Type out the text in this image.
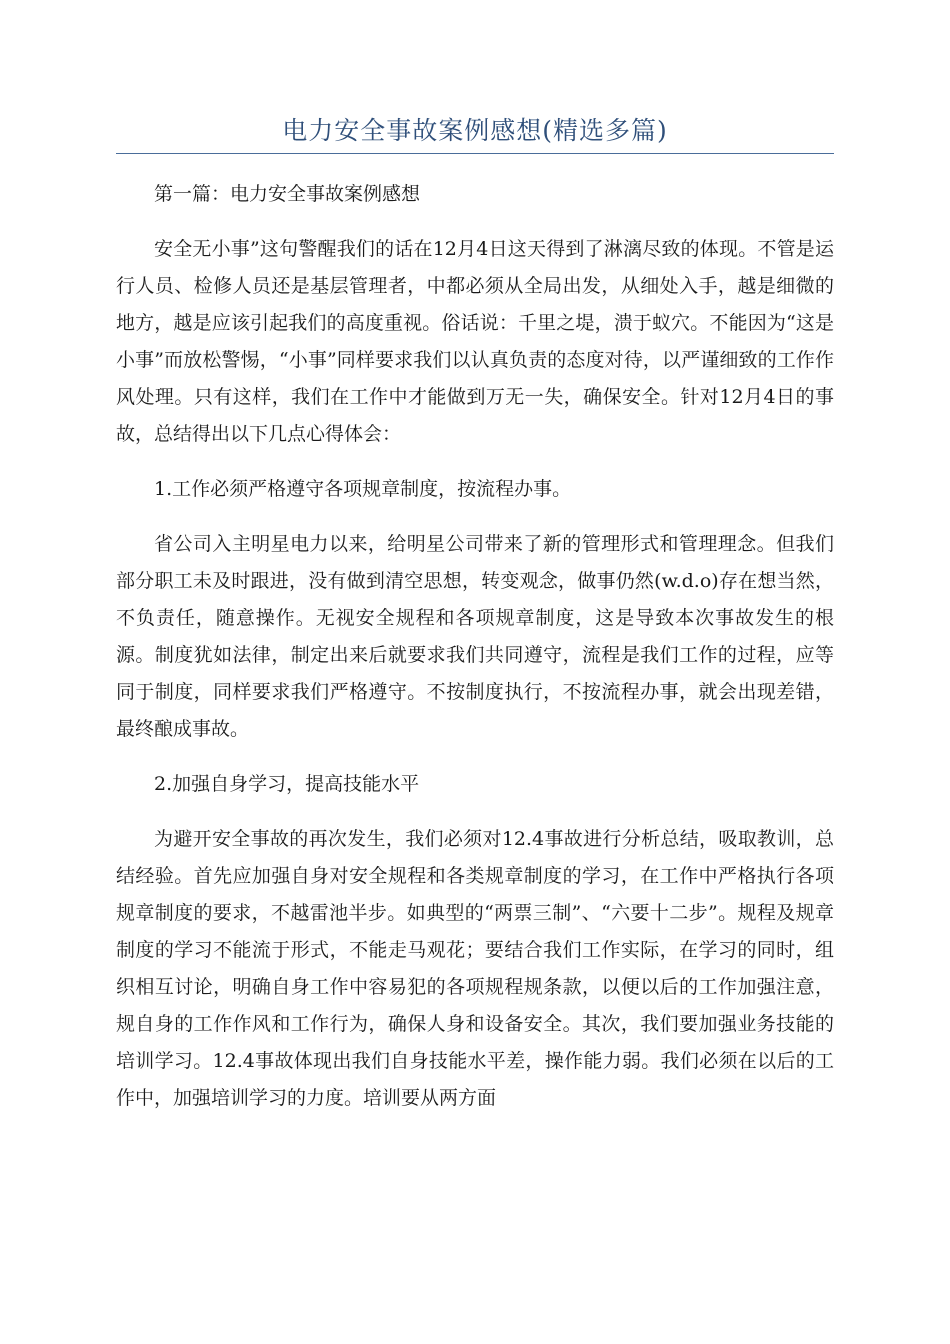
电力安全事故案例感想(精选多篇)

第一篇：电力安全事故案例感想

安全无小事”这句警醒我们的话在12月4日这天得到了淋漓尽致的体现。不管是运行人员、检修人员还是基层管理者，中都必须从全局出发，从细处入手，越是细微的地方，越是应该引起我们的高度重视。俗话说：千里之堤，溃于蚁穴。不能因为“这是小事”而放松警惕，“小事”同样要求我们以认真负责的态度对待，以严谨细致的工作作风处理。只有这样，我们在工作中才能做到万无一失，确保安全。针对12月4日的事故，总结得出以下几点心得体会：

1.工作必须严格遵守各项规章制度，按流程办事。

省公司入主明星电力以来，给明星公司带来了新的管理形式和管理理念。但我们部分职工未及时跟进，没有做到清空思想，转变观念，做事仍然(w.d.o)存在想当然，不负责任，随意操作。无视安全规程和各项规章制度，这是导致本次事故发生的根源。制度犹如法律，制定出来后就要求我们共同遵守，流程是我们工作的过程，应等同于制度，同样要求我们严格遵守。不按制度执行，不按流程办事，就会出现差错，最终酿成事故。

2.加强自身学习，提高技能水平

为避开安全事故的再次发生，我们必须对12.4事故进行分析总结，吸取教训，总结经验。首先应加强自身对安全规程和各类规章制度的学习，在工作中严格执行各项规章制度的要求，不越雷池半步。如典型的“两票三制”、“六要十二步”。规程及规章制度的学习不能流于形式，不能走马观花；要结合我们工作实际，在学习的同时，组织相互讨论，明确自身工作中容易犯的各项规程规条款，以便以后的工作加强注意，规自身的工作作风和工作行为，确保人身和设备安全。其次，我们要加强业务技能的培训学习。12.4事故体现出我们自身技能水平差，操作能力弱。我们必须在以后的工作中，加强培训学习的力度。培训要从两方面
